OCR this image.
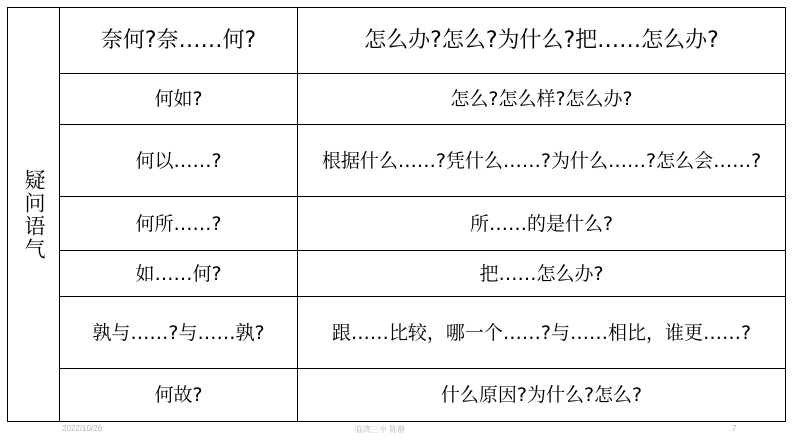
疑问语气	奈何?奈……何?	怎么办?怎么?为什么?把……怎么办?
	何如?	怎么?怎么样?怎么办?
	何以……?	根据什么……?凭什么……?为什么……?怎么会……?
	何所……?	所……的是什么?
	如……何?	把……怎么办?
	孰与……?与……孰?	跟……比较，哪一个……?与……相比，谁更……?
	何故?	什么原因?为什么?怎么?
2022/10/26	临湾三中 陈静	7
